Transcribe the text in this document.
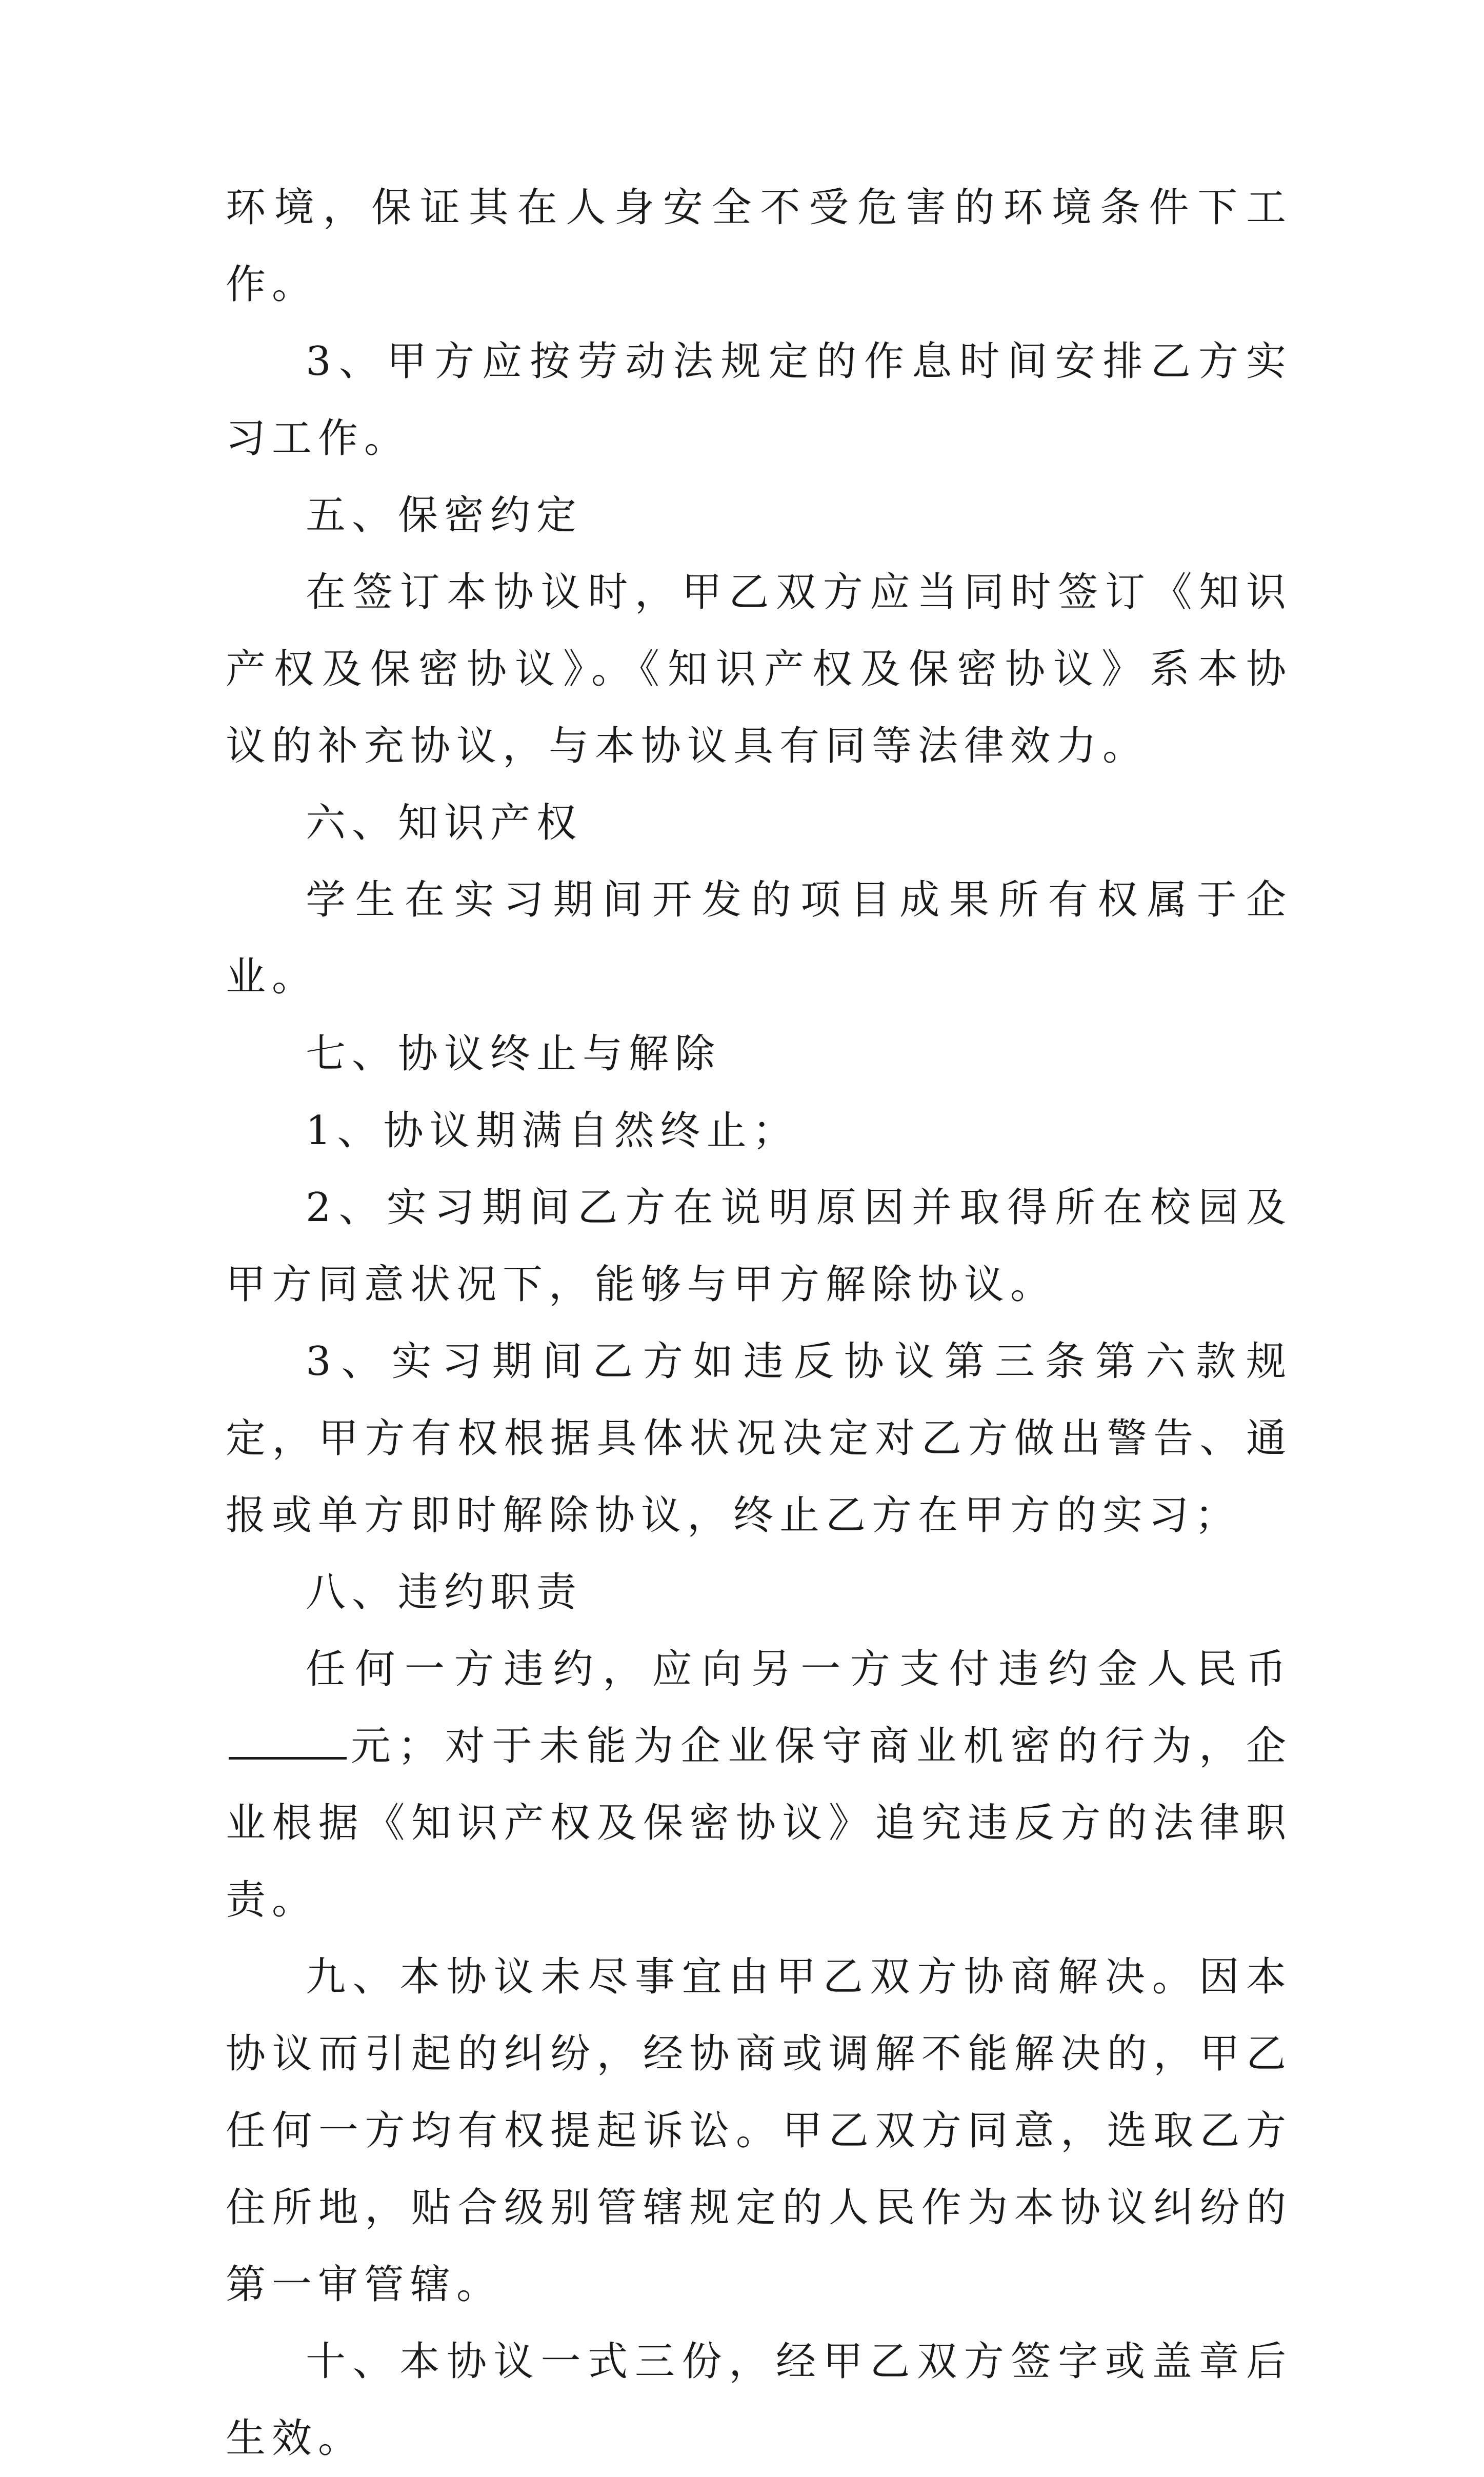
环境，保证其在人身安全不受危害的环境条件下工作。

3、甲方应按劳动法规定的作息时间安排乙方实习工作。

五、保密约定

在签订本协议时，甲乙双方应当同时签订《知识产权及保密协议》。《知识产权及保密协议》系本协议的补充协议，与本协议具有同等法律效力。

六、知识产权

学生在实习期间开发的项目成果所有权属于企业。

七、协议终止与解除

1、协议期满自然终止；

2、实习期间乙方在说明原因并取得所在校园及甲方同意状况下，能够与甲方解除协议。

3、实习期间乙方如违反协议第三条第六款规定，甲方有权根据具体状况决定对乙方做出警告、通报或单方即时解除协议，终止乙方在甲方的实习；

八、违约职责

任何一方违约，应向另一方支付违约金人民币元；对于未能为企业保守商业机密的行为，企业根据《知识产权及保密协议》追究违反方的法律职责。

九、本协议未尽事宜由甲乙双方协商解决。因本协议而引起的纠纷，经协商或调解不能解决的，甲乙任何一方均有权提起诉讼。甲乙双方同意，选取乙方住所地，贴合级别管辖规定的人民作为本协议纠纷的第一审管辖。

十、本协议一式三份，经甲乙双方签字或盖章后生效。
